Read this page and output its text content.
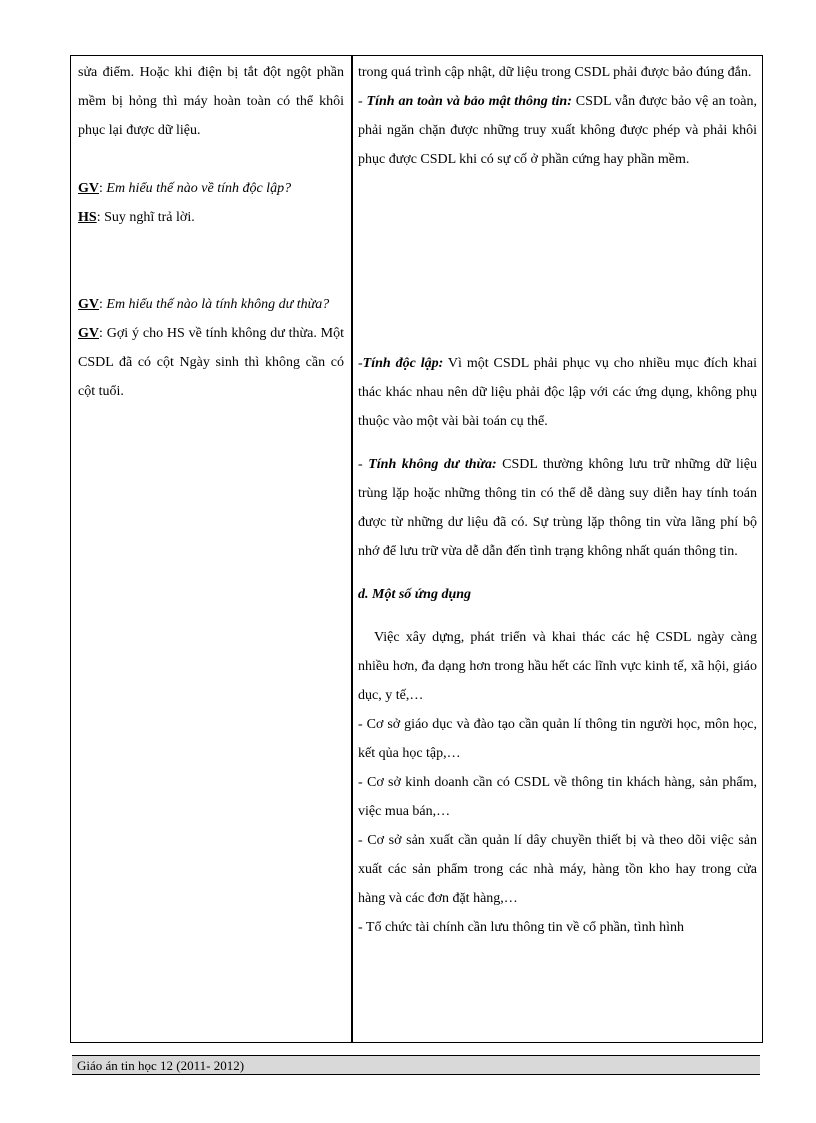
sửa điểm. Hoặc khi điện bị tắt đột ngột phần mềm bị hỏng thì máy hoàn toàn có thể khôi phục lại được dữ liệu.

GV: Em hiểu thế nào về tính độc lập?

HS: Suy nghĩ trả lời.

GV: Em hiểu thế nào là tính không dư thừa?

GV: Gợi ý cho HS về tính không dư thừa. Một CSDL đã có cột Ngày sinh thì không cần có cột tuổi.

trong quá trình cập nhật, dữ liệu trong CSDL phải được bảo đúng đắn.

- Tính an toàn và bảo mật thông tin: CSDL vẫn được bảo vệ an toàn, phải ngăn chặn được những truy xuất không được phép và phải khôi phục được CSDL khi có sự cố ở phần cứng hay phần mềm.

-Tính độc lập: Vì một CSDL phải phục vụ cho nhiều mục đích khai thác khác nhau nên dữ liệu phải độc lập với các ứng dụng, không phụ thuộc vào một vài bài toán cụ thể.

- Tính không dư thừa: CSDL thường không lưu trữ những dữ liệu trùng lặp hoặc những thông tin có thể dễ dàng suy diễn hay tính toán được từ những dư liệu đã có. Sự trùng lặp thông tin vừa lãng phí bộ nhớ để lưu trữ vừa dễ dẫn đến tình trạng không nhất quán thông tin.

d. Một số ứng dụng

Việc xây dựng, phát triển và khai thác các hệ CSDL ngày càng nhiều hơn, đa dạng hơn trong hầu hết các lĩnh vực kinh tế, xã hội, giáo dục, y tế,…

- Cơ sở giáo dục và đào tạo cần quản lí thông tin người học, môn học, kết qủa học tập,…

- Cơ sở kinh doanh cần có CSDL về thông tin khách hàng, sản phẩm, việc mua bán,…

- Cơ sở sản xuất cần quản lí dây chuyền thiết bị và theo dõi việc sản xuất các sản phẩm trong các nhà máy, hàng tồn kho hay trong cửa hàng và các đơn đặt hàng,…

- Tổ chức tài chính cần lưu thông tin về cổ phần, tình hình

Giáo án tin học 12 (2011- 2012)
